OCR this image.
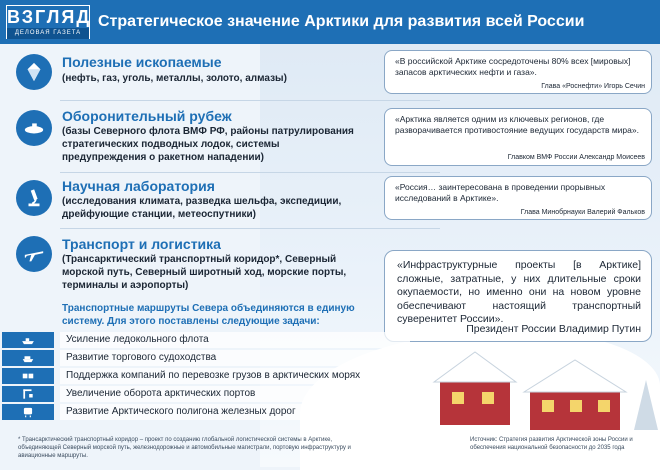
ВЗГЛЯД
ДЕЛОВАЯ ГАЗЕТА
Стратегическое значение Арктики для развития всей России
Полезные ископаемые
(нефть, газ, уголь, металлы, золото, алмазы)
«В российской Арктике сосредоточены 80% всех [мировых] запасов арктических нефти и газа».
Глава «Роснефти» Игорь Сечин
Оборонительный рубеж
(базы Северного флота ВМФ РФ, районы патрулирования стратегических подводных лодок, системы предупреждения о ракетном нападении)
«Арктика является одним из ключевых регионов, где разворачивается противостояние ведущих государств мира».
Главком ВМФ России Александр Моисеев
Научная лаборатория
(исследования климата, разведка шельфа, экспедиции, дрейфующие станции, метеоспутники)
«Россия… заинтересована в проведении прорывных исследований в Арктике».
Глава Минобрнауки Валерий Фальков
Транспорт и логистика
(Трансарктический транспортный коридор*, Северный морской путь, Северный широтный ход, морские порты, терминалы и аэропорты)
«Инфраструктурные проекты [в Арктике] сложные, затратные, у них длительные сроки окупаемости, но именно они на новом уровне обеспечивают настоящий транспортный суверенитет России».
Президент России Владимир Путин
Транспортные маршруты Севера объединяются в единую систему. Для этого поставлены следующие задачи:
Усиление ледокольного флота
Развитие торгового судоходства
Поддержка компаний по перевозке грузов в арктических морях
Увеличение оборота арктических портов
Развитие Арктического полигона железных дорог
* Трансарктический транспортный коридор – проект по созданию глобальной логистической системы в Арктике, объединяющей Северный морской путь, железнодорожные и автомобильные магистрали, портовую инфраструктуру и авиационные маршруты.
Источник: Стратегия развития Арктической зоны России и обеспечения национальной безопасности до 2035 года
